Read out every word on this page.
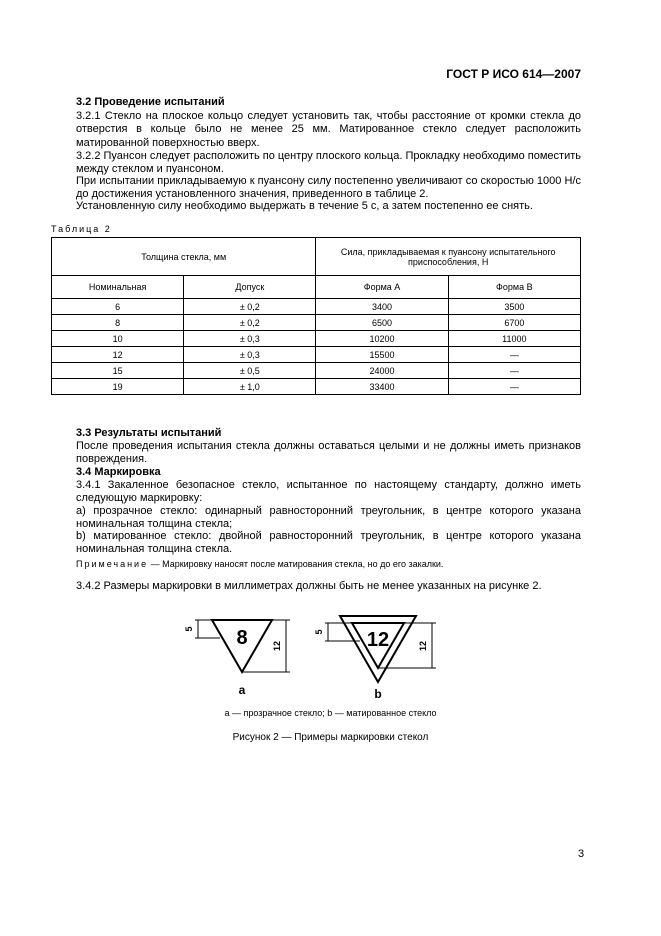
ГОСТ Р ИСО 614—2007
3.2 Проведение испытаний
3.2.1 Стекло на плоское кольцо следует установить так, чтобы расстояние от кромки стекла до отверстия в кольце было не менее 25 мм. Матированное стекло следует расположить матированной поверхностью вверх.
3.2.2 Пуансон следует расположить по центру плоского кольца. Прокладку необходимо поместить между стеклом и пуансоном.
При испытании прикладываемую к пуансону силу постепенно увеличивают со скоростью 1000 Н/с до достижения установленного значения, приведенного в таблице 2.
Установленную силу необходимо выдержать в течение 5 с, а затем постепенно ее снять.
Таблица 2
Толщина стекла, мм		Сила, прикладываемая к пуансону испытательного приспособления, Н	
Номинальная	Допуск	Форма А	Форма В
6	± 0,2	3400	3500
8	± 0,2	6500	6700
10	± 0,3	10200	11000
12	± 0,3	15500	—
15	± 0,5	24000	—
19	± 1,0	33400	—
3.3 Результаты испытаний
После проведения испытания стекла должны оставаться целыми и не должны иметь признаков повреждения.
3.4 Маркировка
3.4.1 Закаленное безопасное стекло, испытанное по настоящему стандарту, должно иметь следующую маркировку:
а) прозрачное стекло: одинарный равносторонний треугольник, в центре которого указана номинальная толщина стекла;
b) матированное стекло: двойной равносторонний треугольник, в центре которого указана номинальная толщина стекла.
Примечание — Маркировку наносят после матирования стекла, но до его закалки.
3.4.2 Размеры маркировки в миллиметрах должны быть не менее указанных на рисунке 2.
8
5
12
а
12
5
12
b
а — прозрачное стекло; b — матированное стекло
Рисунок 2 — Примеры маркировки стекол
3
